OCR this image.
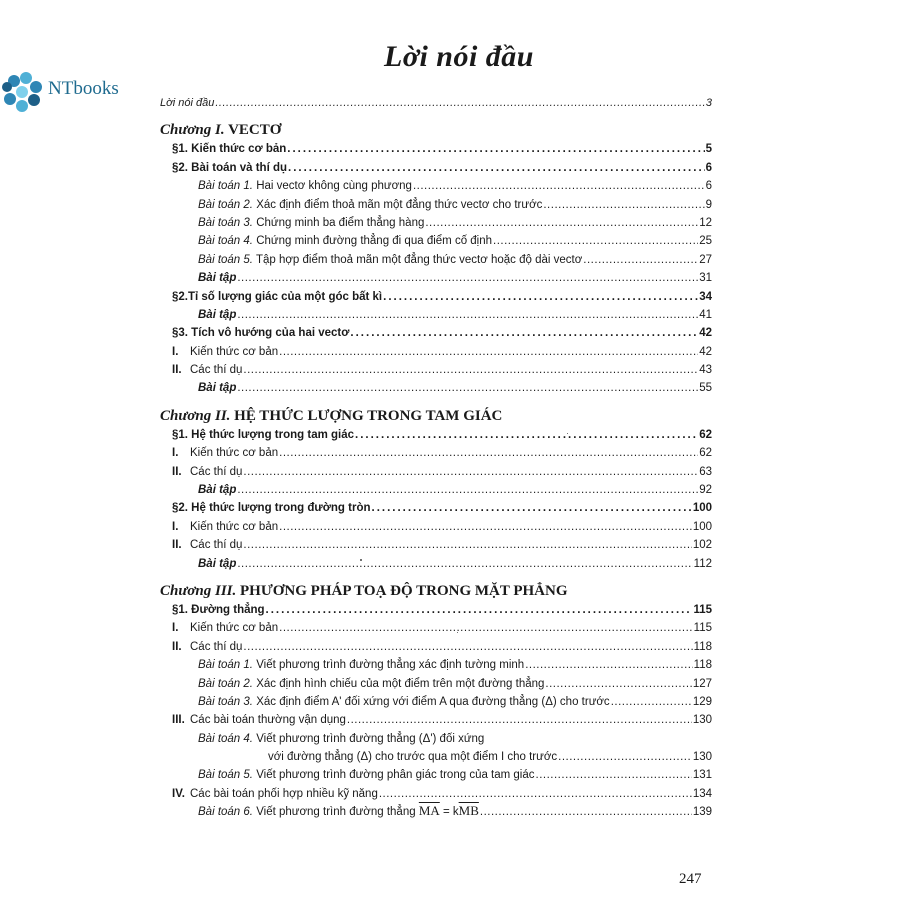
NTbooks
Lời nói đầu
Lời nói đầu .....	3
Chương I. VECTƠ
§1. Kiến thức cơ bản .....	5
§2. Bài toán và thí dụ .....	6
Bài toán 1. Hai vectơ không cùng phương .....	6
Bài toán 2. Xác định điểm thoả mãn một đẳng thức vectơ cho trước .....	9
Bài toán 3. Chứng minh ba điểm thẳng hàng .....	12
Bài toán 4. Chứng minh đường thẳng đi qua điểm cố định .....	25
Bài toán 5. Tập hợp điểm thoả mãn một đẳng thức vectơ hoặc độ dài vectơ .....	27
Bài tập .....	31
§2.Tỉ số lượng giác của một góc bất kì .....	34
Bài tập .....	41
§3. Tích vô hướng của hai vectơ .....	42
I. Kiến thức cơ bản .....	42
II. Các thí dụ .....	43
Bài tập .....	55
Chương II. HỆ THỨC LƯỢNG TRONG TAM GIÁC
§1. Hệ thức lượng trong tam giác .....	62
I. Kiến thức cơ bản .....	62
II. Các thí dụ .....	63
Bài tập .....	92
§2. Hệ thức lượng trong đường tròn .....	100
I. Kiến thức cơ bản .....	100
II. Các thí dụ .....	102
Bài tập .....	112
Chương III. PHƯƠNG PHÁP TOẠ ĐỘ TRONG MẶT PHẲNG
§1. Đường thẳng .....	115
I. Kiến thức cơ bản .....	115
II. Các thí dụ .....	118
Bài toán 1. Viết phương trình đường thẳng xác định tường minh .....	118
Bài toán 2. Xác định hình chiếu của một điểm trên một đường thẳng .....	127
Bài toán 3. Xác định điểm A' đối xứng với điểm A qua đường thẳng (Δ) cho trước .....	129
III. Các bài toán thường vận dụng .....	130
Bài toán 4. Viết phương trình đường thẳng (Δ') đối xứng
với đường thẳng (Δ) cho trước qua một điểm I cho trước .....	130
Bài toán 5. Viết phương trình đường phân giác trong của tam giác .....	131
IV. Các bài toán phối hợp nhiều kỹ năng .....	134
Bài toán 6. Viết phương trình đường thẳng $\overline{MA} = k\overline{MB}$ .....	139
247
